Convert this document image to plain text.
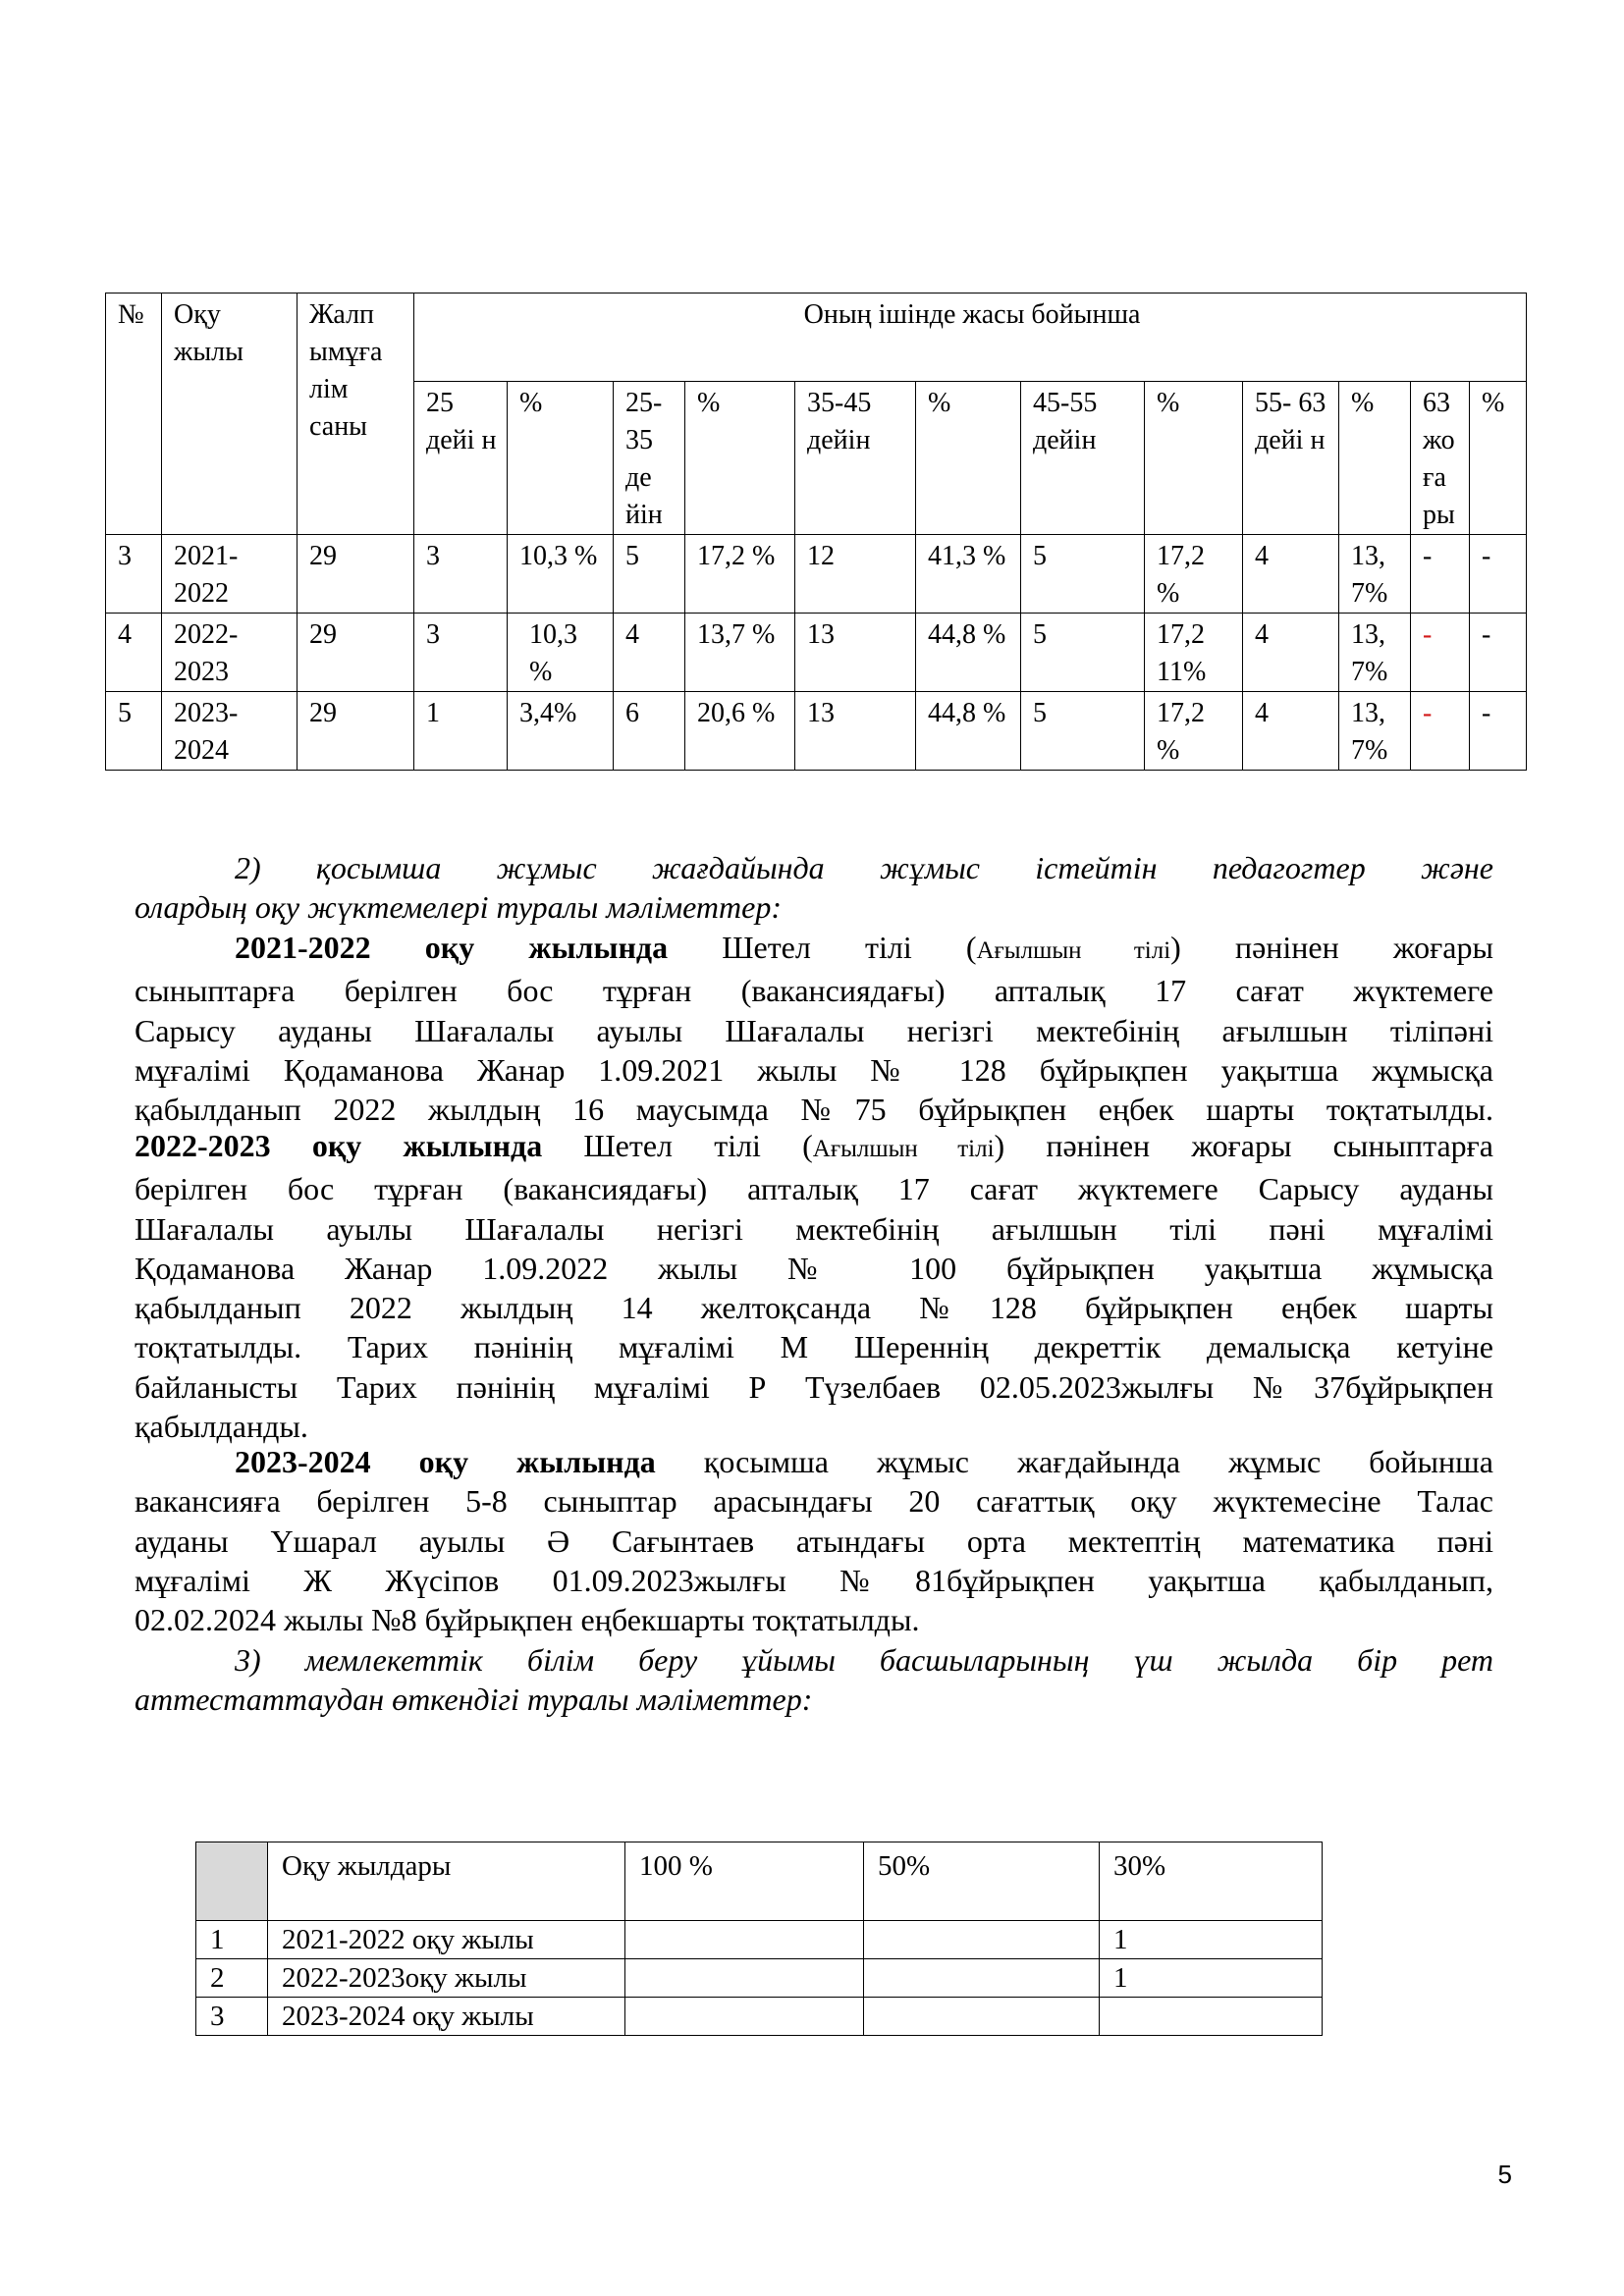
№	Оқу жылы	Жалп ымұға лім саны	Оның ішінде жасы бойынша											
			25 дейі н	%	25- 35 де йін	%	35-45 дейін	%	45-55 дейін	%	55- 63 дейі н	%	63 жо ға ры	%
3	2021- 2022	29	3	10,3 %	5	17,2 %	12	41,3 %	5	17,2 %	4	13, 7%	-	-
4	2022- 2023	29	3	10,3 %	4	13,7 %	13	44,8 %	5	17,2 11%	4	13, 7%	-	-
5	2023- 2024	29	1	3,4%	6	20,6 %	13	44,8 %	5	17,2 %	4	13, 7%	-	-
2) қосымша жұмыс жағдайында жұмыс істейтін педагогтер және
олардың оқу жүктемелері туралы мәліметтер:
2021-2022 оқу жылында Шетел тілі (Ағылшын тілі) пәнінен жоғары
сыныптарға берілген бос тұрған (вакансиядағы) апталық 17 сағат жүктемеге
Сарысу ауданы Шағалалы ауылы Шағалалы негізгі мектебінің ағылшын тіліпәні
мұғалімі Қодаманова Жанар 1.09.2021 жылы № 128 бұйрықпен уақытша жұмысқа
қабылданып 2022 жылдың 16 маусымда №75 бұйрықпен еңбек шарты тоқтатылды.
2022-2023 оқу жылында Шетел тілі (Ағылшын тілі) пәнінен жоғары сыныптарға
берілген бос тұрған (вакансиядағы) апталық 17 сағат жүктемеге Сарысу ауданы
Шағалалы ауылы Шағалалы негізгі мектебінің ағылшын тілі пәні мұғалімі
Қодаманова Жанар 1.09.2022 жылы № 100 бұйрықпен уақытша жұмысқа
қабылданып 2022 жылдың 14 желтоқсанда №128 бұйрықпен еңбек шарты
тоқтатылды. Тарих пәнінің мұғалімі М Шереннің декреттік демалысқа кетуіне
байланысты Тарих пәнінің мұғалімі Р Түзелбаев 02.05.2023жылғы №37бұйрықпен
қабылданды.
2023-2024 оқу жылында қосымша жұмыс жағдайында жұмыс бойынша
вакансияға берілген 5-8 сыныптар арасындағы 20 сағаттық оқу жүктемесіне Талас
ауданы Үшарал ауылы Ә Сағынтаев атындағы орта мектептің математика пәні
мұғалімі Ж Жүсіпов 01.09.2023жылғы №81бұйрықпен уақытша қабылданып,
02.02.2024 жылы №8 бұйрықпен еңбекшарты тоқтатылды.
3) мемлекеттік білім беру ұйымы басшыларының үш жылда бір рет
аттестаттаудан өткендігі туралы мәліметтер:
	Оқу жылдары	100 %	50%	30%
1	2021-2022 оқу жылы			1
2	2022-2023оқу жылы			1
3	2023-2024 оқу жылы			
5
